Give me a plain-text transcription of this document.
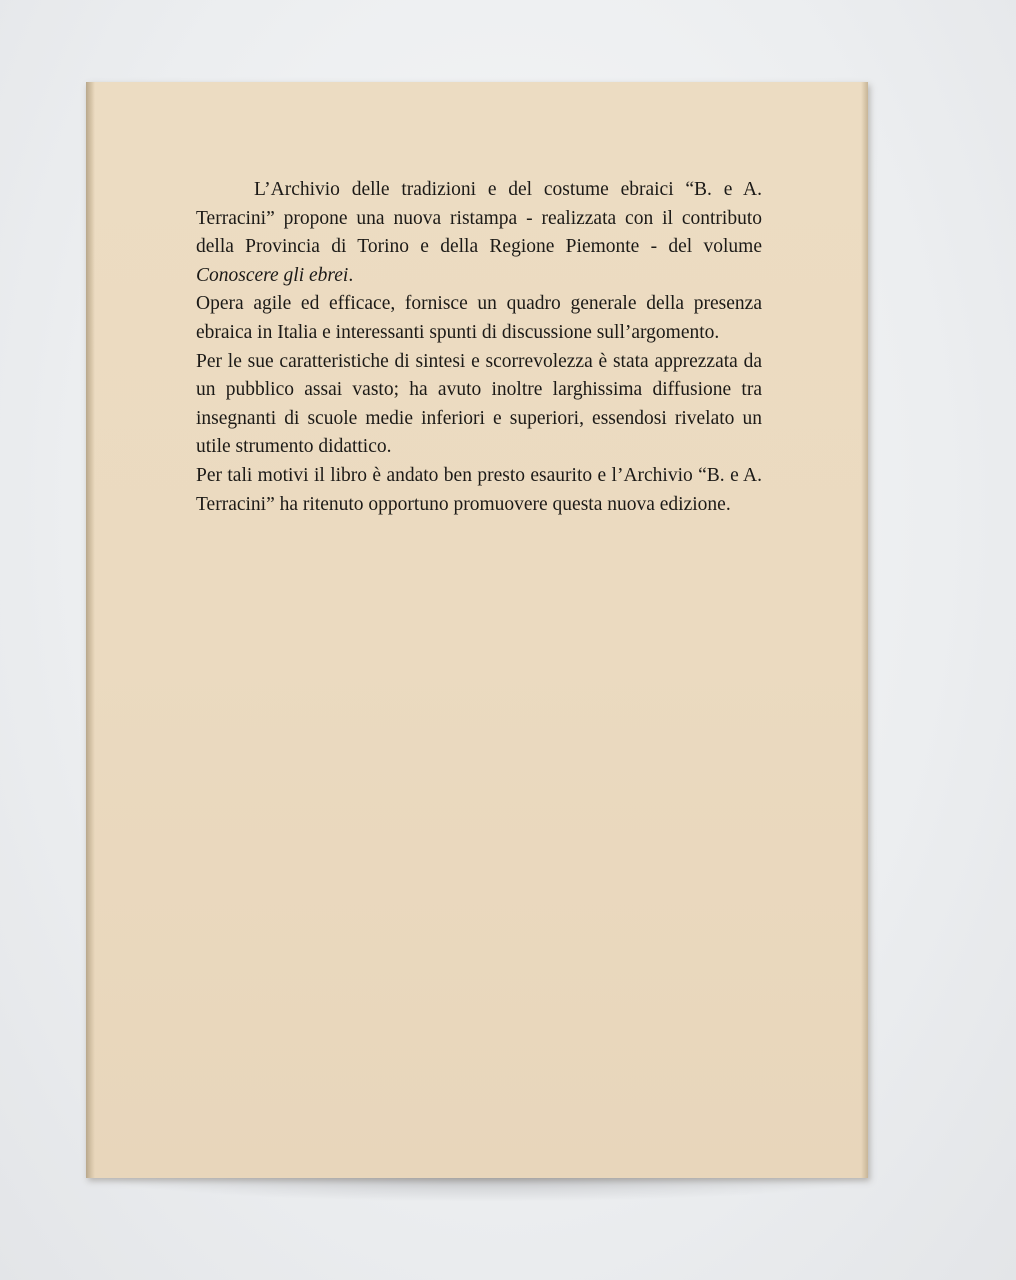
L’Archivio delle tradizioni e del costume ebraici “B. e A. Terracini” propone una nuova ristampa - realizzata con il contributo della Provincia di Torino e della Regione Piemonte - del volume Conoscere gli ebrei.

Opera agile ed efficace, fornisce un quadro generale della presenza ebraica in Italia e interessanti spunti di discussione sull’argomento.

Per le sue caratteristiche di sintesi e scorrevolezza è stata apprezzata da un pubblico assai vasto; ha avuto inoltre larghissima diffusione tra insegnanti di scuole medie inferiori e superiori, essendosi rivelato un utile strumento didattico.

Per tali motivi il libro è andato ben presto esaurito e l’Archivio “B. e A. Terracini” ha ritenuto opportuno promuovere questa nuova edizione.
